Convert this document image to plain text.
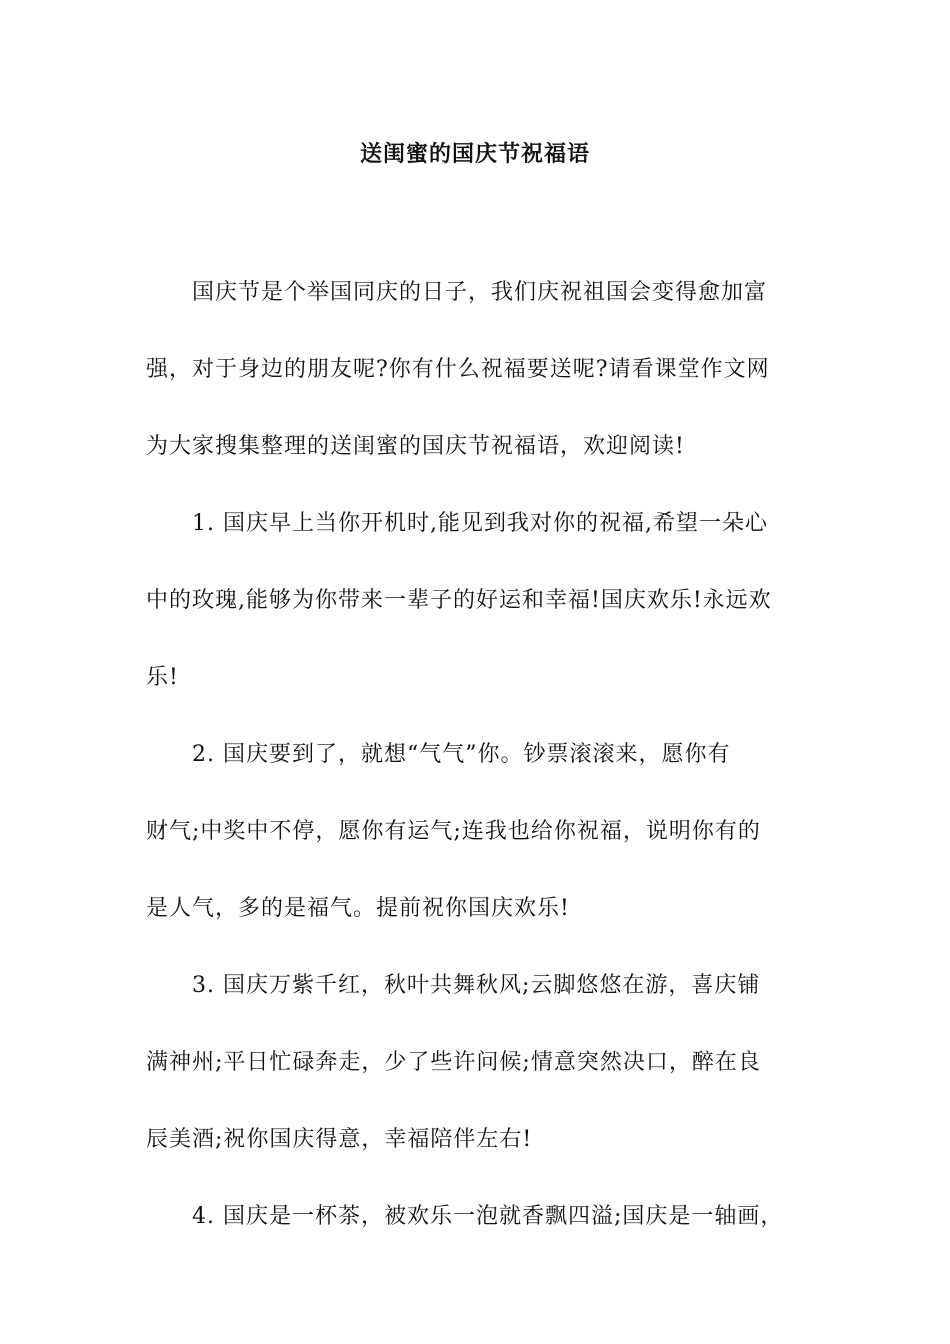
送闺蜜的国庆节祝福语
国庆节是个举国同庆的日子，我们庆祝祖国会变得愈加富
强，对于身边的朋友呢?你有什么祝福要送呢?请看课堂作文网
为大家搜集整理的送闺蜜的国庆节祝福语，欢迎阅读!
1. 国庆早上当你开机时,能见到我对你的祝福,希望一朵心
中的玫瑰,能够为你带来一辈子的好运和幸福!国庆欢乐!永远欢
乐!
2. 国庆要到了，就想“气气”你。钞票滚滚来，愿你有
财气;中奖中不停，愿你有运气;连我也给你祝福，说明你有的
是人气，多的是福气。提前祝你国庆欢乐!
3. 国庆万紫千红，秋叶共舞秋风;云脚悠悠在游，喜庆铺
满神州;平日忙碌奔走，少了些许问候;情意突然决口，醉在良
辰美酒;祝你国庆得意，幸福陪伴左右!
4. 国庆是一杯茶，被欢乐一泡就香飘四溢;国庆是一轴画，
